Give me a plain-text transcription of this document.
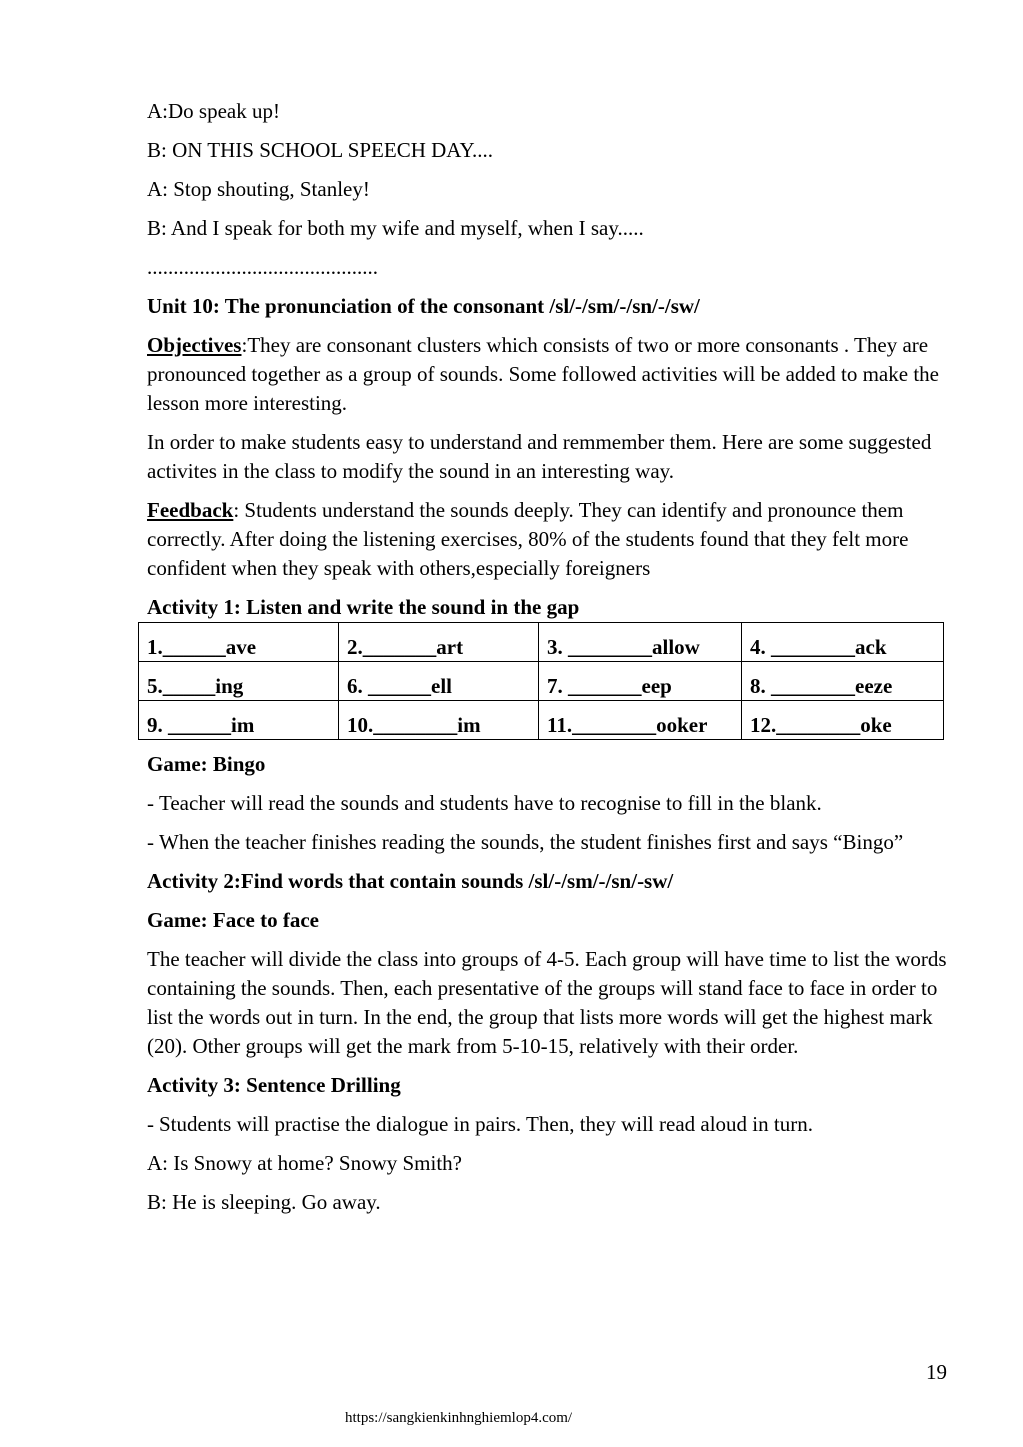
A:Do speak up!
B: ON THIS SCHOOL SPEECH DAY....
A: Stop shouting, Stanley!
B: And I speak for both my wife and myself, when I say.....
............................................
Unit 10: The pronunciation of the consonant /sl/-/sm/-/sn/-/sw/
Objectives:They are consonant clusters which consists of two or more consonants . They are pronounced together as a group of sounds. Some followed activities will be added to make the lesson more interesting.
In order to make students easy to understand and remmember them. Here are some suggested activites in the class to modify the sound in an interesting way.
Feedback: Students understand the sounds deeply. They can identify and pronounce them correctly. After doing the listening exercises, 80% of the students found that they felt more confident when they speak with others,especially foreigners
Activity 1: Listen and write the sound in the gap
1.______ave	2._______art	3. ________allow	4. ________ack
5._____ing	6. ______ell	7. _______eep	8. ________eeze
9. ______im	10.________im	11.________ooker	12.________oke
Game: Bingo
- Teacher will read the sounds and students have to recognise to fill in the blank.
- When the teacher finishes reading the sounds, the student finishes first and says “Bingo”
Activity 2:Find words that contain sounds /sl/-/sm/-/sn/-sw/
Game: Face to face
The teacher will divide the class into groups of 4-5. Each group will have time to list the words containing the sounds. Then, each presentative of the groups will stand face to face in order to list the words out in turn. In the end, the group that lists more words will get the highest mark (20). Other groups will get the mark from 5-10-15, relatively with their order.
Activity 3: Sentence Drilling
- Students will practise the dialogue in pairs. Then, they will read aloud in turn.
A: Is Snowy at home? Snowy Smith?
B: He is sleeping. Go away.
19
https://sangkienkinhnghiemlop4.com/
